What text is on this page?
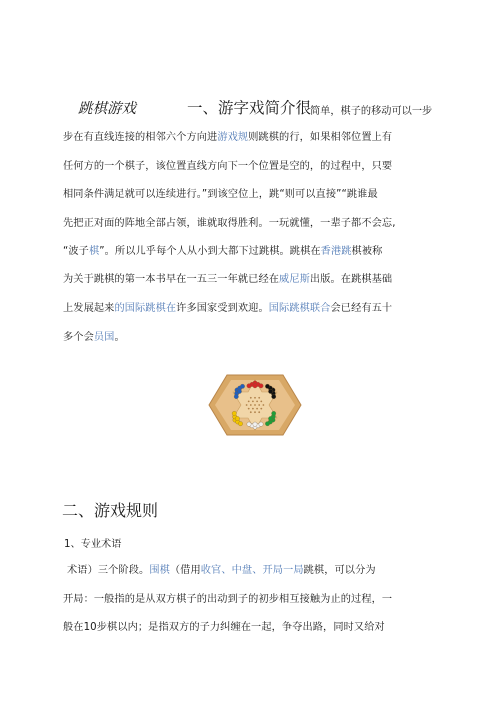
跳棋游戏	一、游字戏简介很
简单，棋子的移动可以一步
步在有直线连接的相邻六个方向进游戏规则跳棋的行，如果相邻位置上有
任何方的一个棋子，该位置直线方向下一个位置是空的，的过程中，只要
相同条件满足就可以连续进行。”到该空位上，跳“则可以直接”“跳谁最
先把正对面的阵地全部占领，谁就取得胜利。一玩就懂，一辈子都不会忘,
“波子棋”。所以儿乎每个人从小到大都下过跳棋。跳棋在香港跳棋被称
为关于跳棋的第一本书早在一五三一年就已经在威尼斯出版。在跳棋基础
上发展起来的国际跳棋在许多国家受到欢迎。国际跳棋联合会已经有五十
多个会员国。
二、游戏规则
1、专业术语
术语）三个阶段。围棋（借用收官、中盘、开局一局跳棋，可以分为
开局：一般指的是从双方棋子的出动到子的初步相互接触为止的过程，一
般在10步棋以内；是指双方的子力纠缠在一起，争夺出路，同时又给对
